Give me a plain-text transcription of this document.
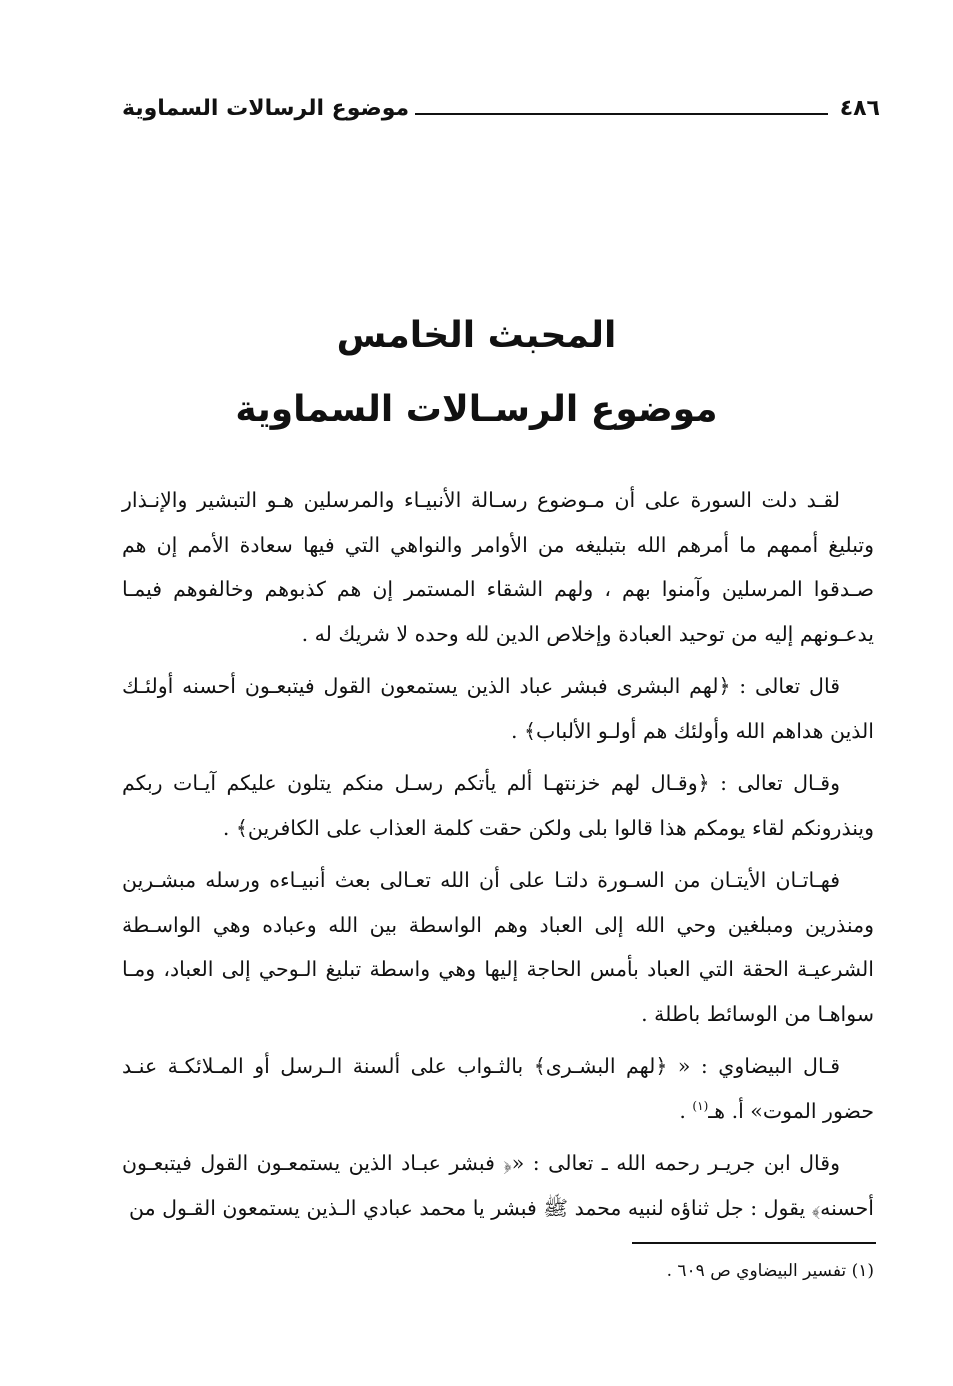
٤٨٦
موضوع الرسالات السماوية
المحبث الخامس
موضوع الرسـالات السماوية

لقـد دلت السورة على أن مـوضوع رسـالة الأنبيـاء والمرسلين هـو التبشير والإنـذار وتبليغ أممهم ما أمرهم الله بتبليغه من الأوامر والنواهي التي فيها سعادة الأمم إن هم صـدقوا المرسلين وآمنوا بهم ، ولهم الشقاء المستمر إن هم كذبوهم وخالفوهم فيمـا يدعـونهم إليه من توحيد العبادة وإخلاص الدين لله وحده لا شريك له .

قال تعالى : ﴿لهم البشرى فبشر عباد الذين يستمعون القول فيتبعـون أحسنه أولئـك الذين هداهم الله وأولئك هم أولـو الألباب﴾ .

وقـال تعالى : ﴿وقـال لهم خزنتهـا ألم يأتكم رسـل منكم يتلون عليكم آيـات ربكم وينذرونكم لقاء يومكم هذا قالوا بلى ولكن حقت كلمة العذاب على الكافرين﴾ .

فهـاتـان الأيتـان من السـورة دلتـا على أن الله تعـالى بعث أنبيـاءه ورسله مبشـرين ومنذرين ومبلغين وحي الله إلى العباد وهم الواسطة بين الله وعباده وهي الواسـطة الشرعيـة الحقة التي العباد بأمس الحاجة إليها وهي واسطة تبليغ الـوحي إلى العباد، ومـا سواهـا من الوسائط باطلة .

قـال البيضاوي : « ﴿لهم البشـرى﴾ بالثـواب على ألسنة الـرسل أو المـلائكـة عنـد حضور الموت» أ. هـ$^{(١)}$ .

وقال ابن جريـر رحمه الله ـ تعالى : «﴿ فبشر عبـاد الذين يستمعـون القول فيتبعـون أحسنه﴾ يقول : جل ثناؤه لنبيه محمد ﷺ فبشر يا محمد عبادي الـذين يستمعون القـول من

(١) تفسير البيضاوي ص ٦٠٩ .
